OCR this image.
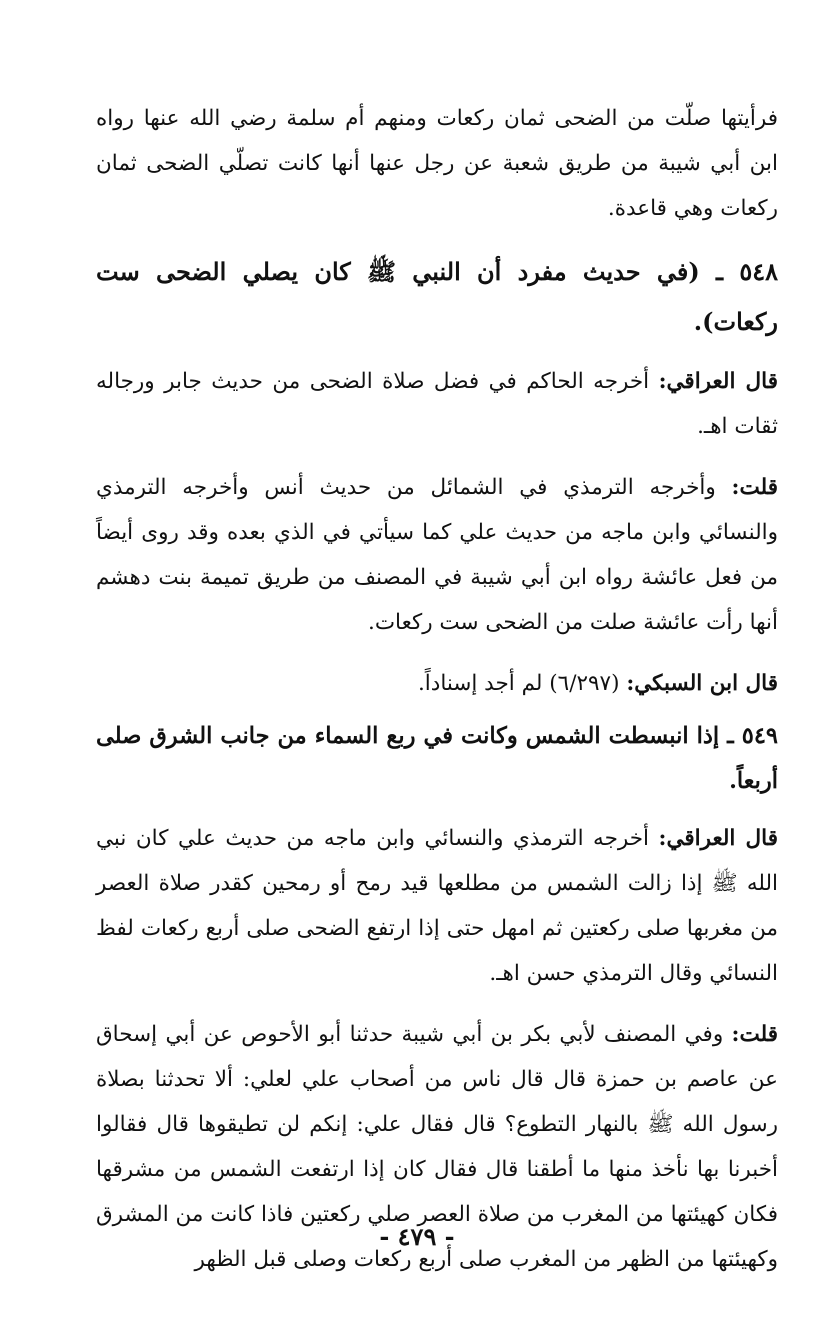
فرأيتها صلّت من الضحى ثمان ركعات ومنهم أم سلمة رضي الله عنها رواه ابن أبي شيبة من طريق شعبة عن رجل عنها أنها كانت تصلّي الضحى ثمان ركعات وهي قاعدة.

٥٤٨ ـ (في حديث مفرد أن النبي ﷺ كان يصلي الضحى ست ركعات).

قال العراقي: أخرجه الحاكم في فضل صلاة الضحى من حديث جابر ورجاله ثقات اهـ.

قلت: وأخرجه الترمذي في الشمائل من حديث أنس وأخرجه الترمذي والنسائي وابن ماجه من حديث علي كما سيأتي في الذي بعده وقد روى أيضاً من فعل عائشة رواه ابن أبي شيبة في المصنف من طريق تميمة بنت دهشم أنها رأت عائشة صلت من الضحى ست ركعات.

قال ابن السبكي: (٦/٢٩٧) لم أجد إسناداً.

٥٤٩ ـ إذا انبسطت الشمس وكانت في ربع السماء من جانب الشرق صلى أربعاً.

قال العراقي: أخرجه الترمذي والنسائي وابن ماجه من حديث علي كان نبي الله ﷺ إذا زالت الشمس من مطلعها قيد رمح أو رمحين كقدر صلاة العصر من مغربها صلى ركعتين ثم امهل حتى إذا ارتفع الضحى صلى أربع ركعات لفظ النسائي وقال الترمذي حسن اهـ.

قلت: وفي المصنف لأبي بكر بن أبي شيبة حدثنا أبو الأحوص عن أبي إسحاق عن عاصم بن حمزة قال قال ناس من أصحاب علي لعلي: ألا تحدثنا بصلاة رسول الله ﷺ بالنهار التطوع؟ قال فقال علي: إنكم لن تطيقوها قال فقالوا أخبرنا بها نأخذ منها ما أطقنا قال فقال كان إذا ارتفعت الشمس من مشرقها فكان كهيئتها من المغرب من صلاة العصر صلي ركعتين فاذا كانت من المشرق وكهيئتها من الظهر من المغرب صلى أربع ركعات وصلى قبل الظهر

- ٤٧٩ -
